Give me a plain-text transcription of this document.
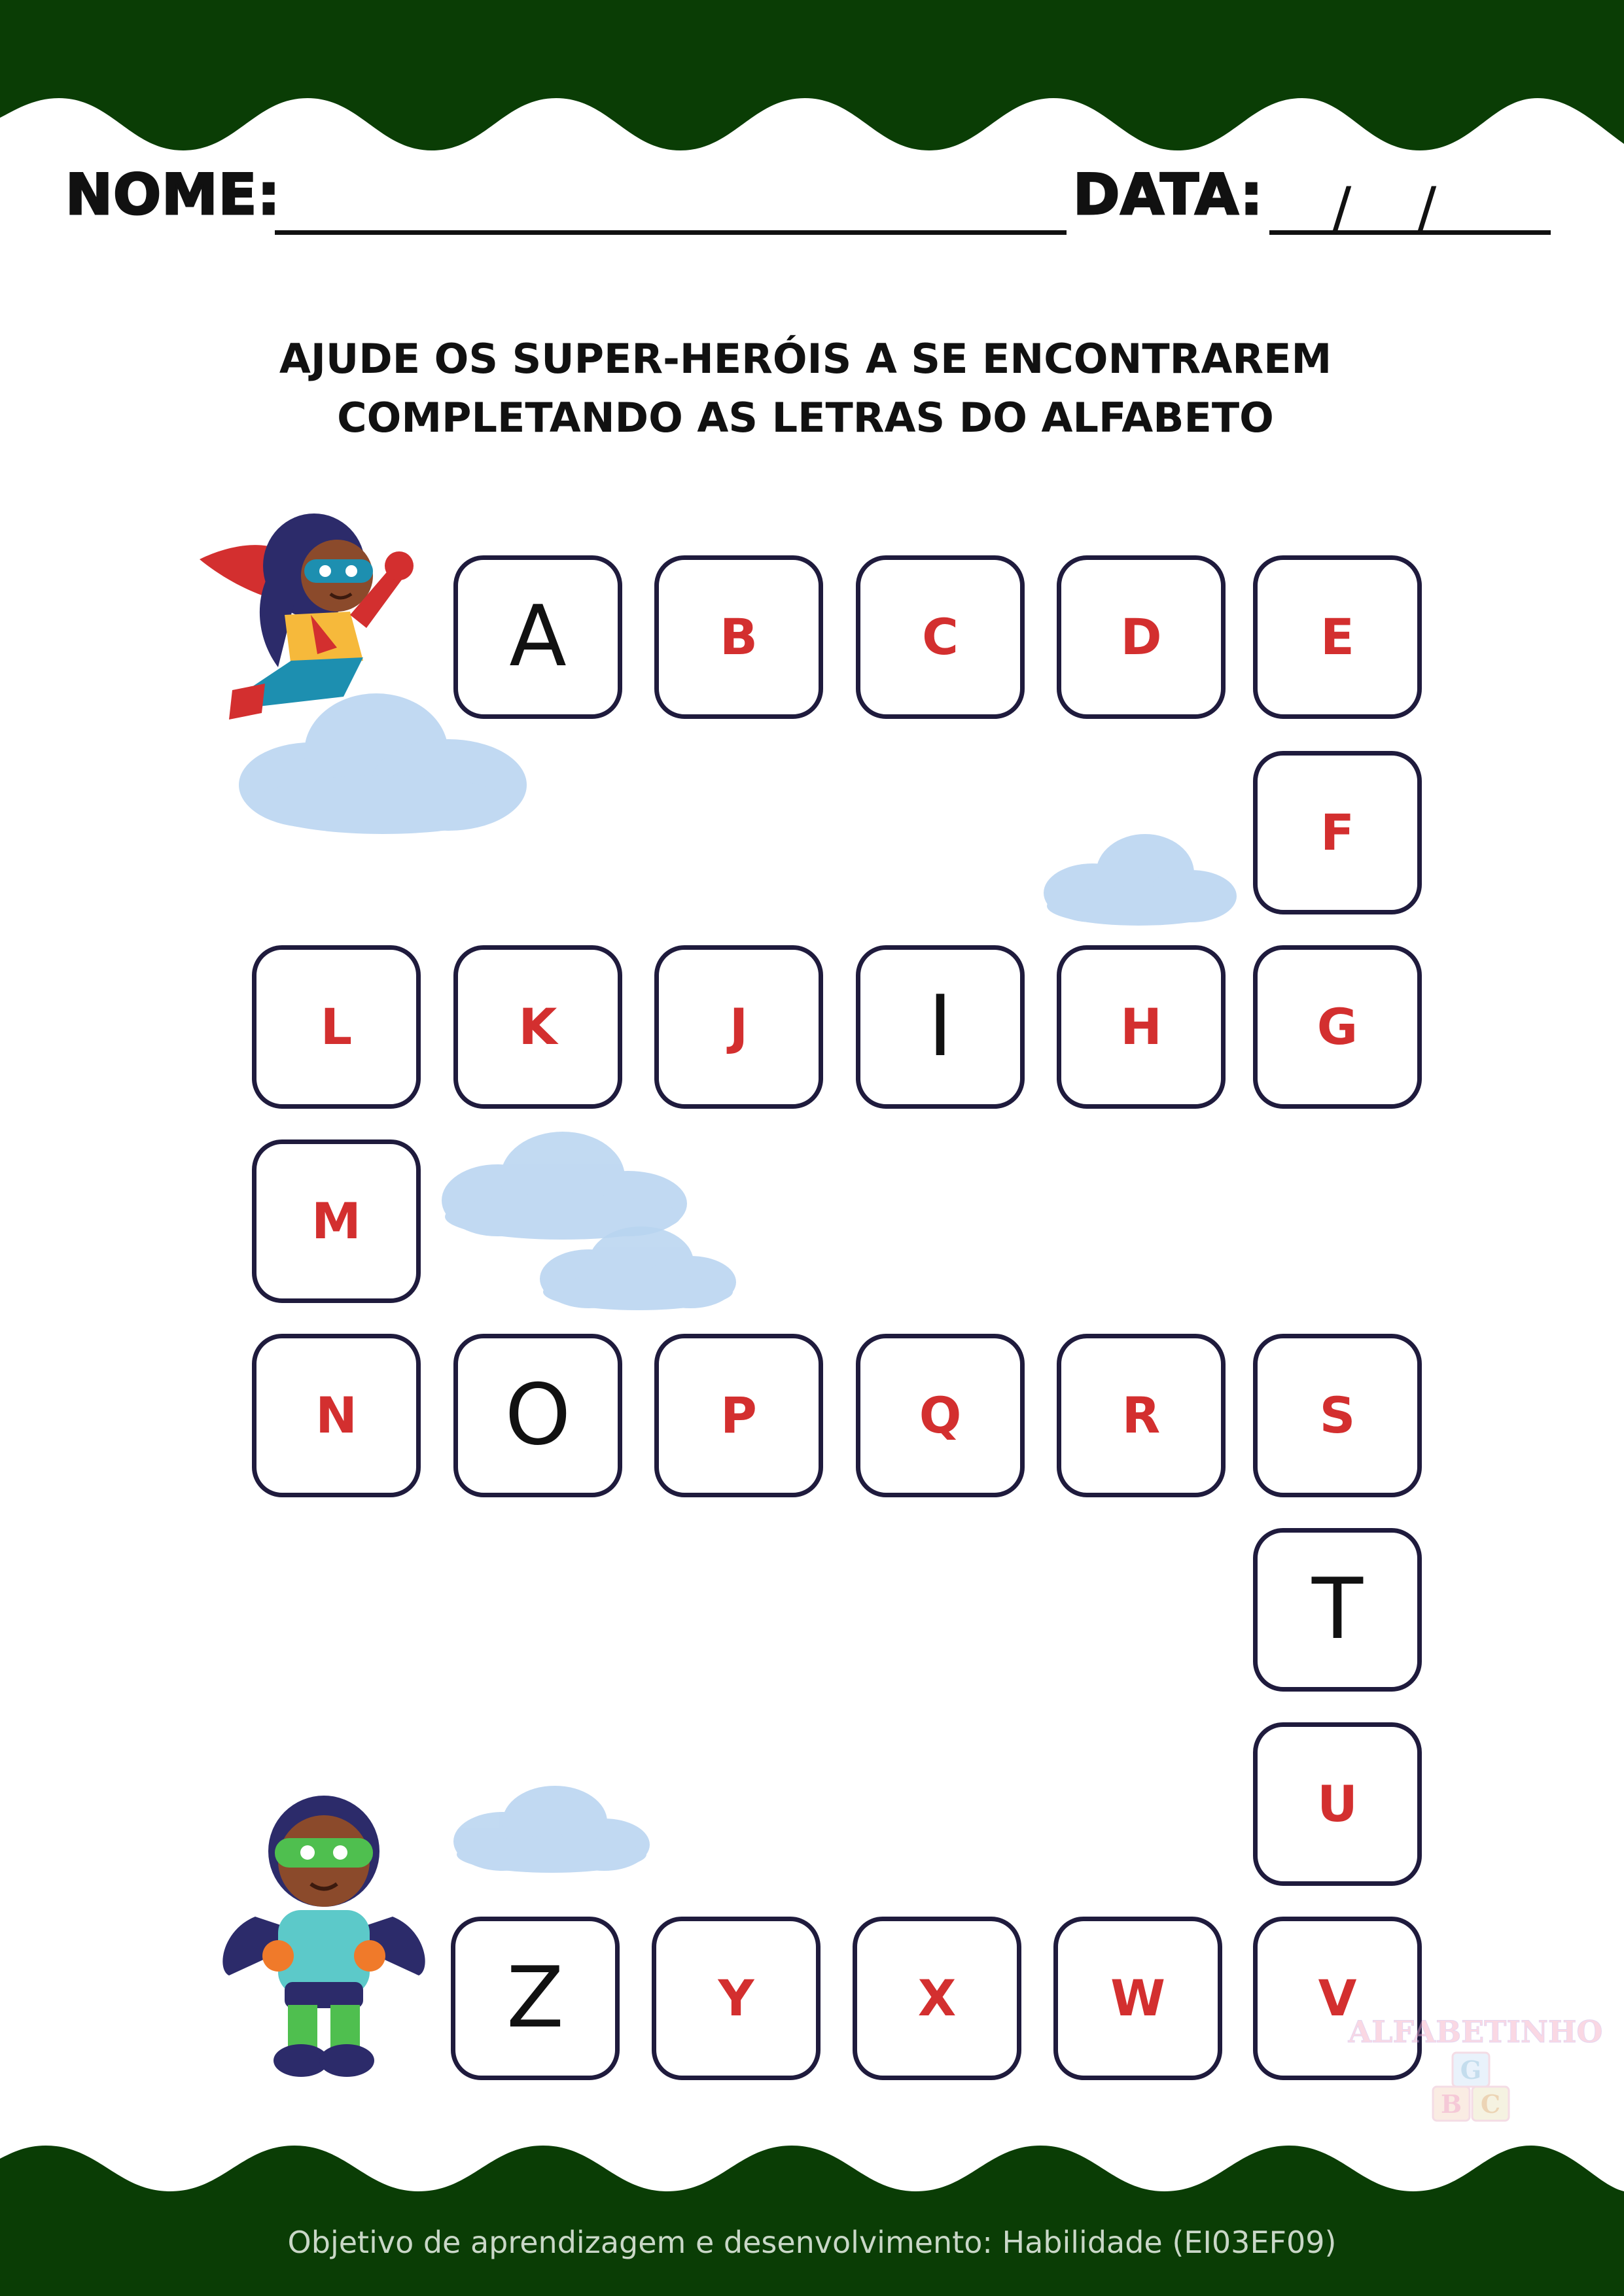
NOME:	DATA: / /
AJUDE OS SUPER-HERÓIS A SE ENCONTRAREM
COMPLETANDO AS LETRAS DO ALFABETO
A	B	C	D	E
F
L	K	J I	H	G
M
N O	P	Q	R	S
T
U
Z	Y	X	W	V
ALFABETINHO
G
B C
Objetivo de aprendizagem e desenvolvimento: Habilidade (EI03EF09)
